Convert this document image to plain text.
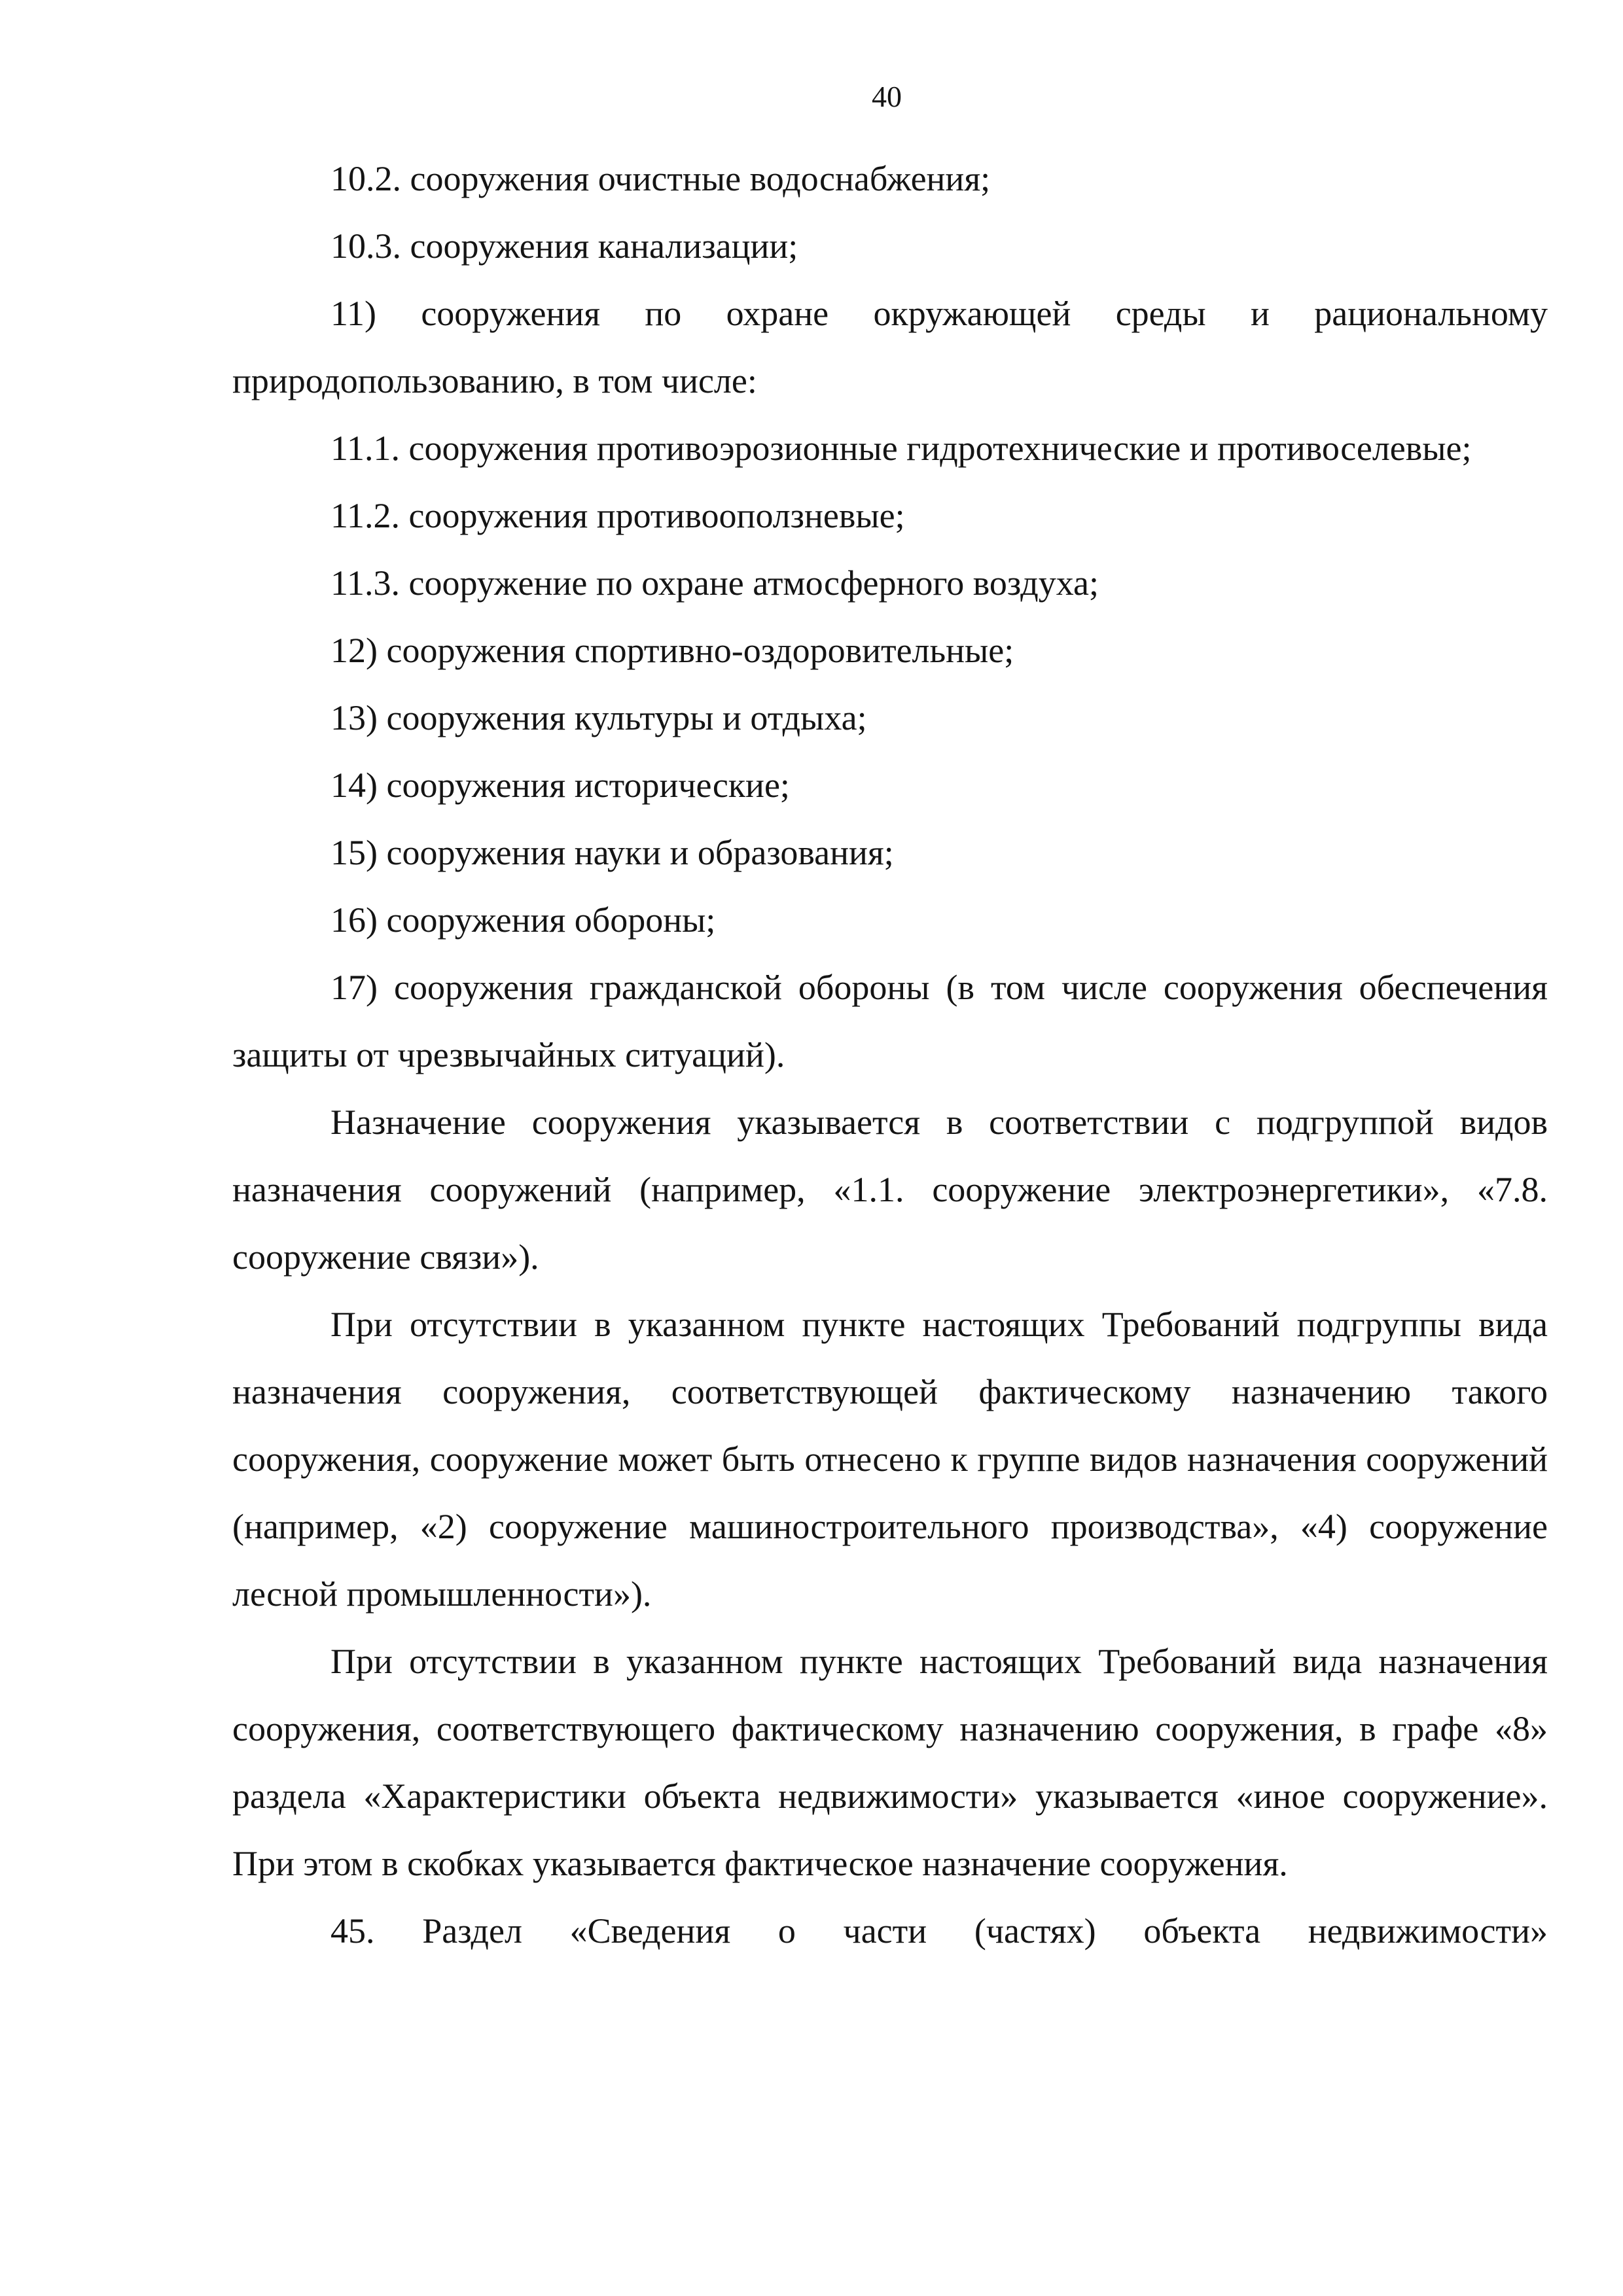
40

10.2. сооружения очистные водоснабжения;

10.3. сооружения канализации;

11) сооружения по охране окружающей среды и рациональному природопользованию, в том числе:

11.1. сооружения противоэрозионные гидротехнические и противоселевые;

11.2. сооружения противооползневые;

11.3. сооружение по охране атмосферного воздуха;

12) сооружения спортивно-оздоровительные;

13) сооружения культуры и отдыха;

14) сооружения исторические;

15) сооружения науки и образования;

16) сооружения обороны;

17) сооружения гражданской обороны (в том числе сооружения обеспечения защиты от чрезвычайных ситуаций).

Назначение сооружения указывается в соответствии с подгруппой видов назначения сооружений (например, «1.1. сооружение электроэнергетики», «7.8. сооружение связи»).

При отсутствии в указанном пункте настоящих Требований подгруппы вида назначения сооружения, соответствующей фактическому назначению такого сооружения, сооружение может быть отнесено к группе видов назначения сооружений (например, «2) сооружение машиностроительного производства», «4) сооружение лесной промышленности»).

При отсутствии в указанном пункте настоящих Требований вида назначения сооружения, соответствующего фактическому назначению сооружения, в графе «8» раздела «Характеристики объекта недвижимости» указывается «иное сооружение». При этом в скобках указывается фактическое назначение сооружения.

45. Раздел «Сведения о части (частях) объекта недвижимости»
